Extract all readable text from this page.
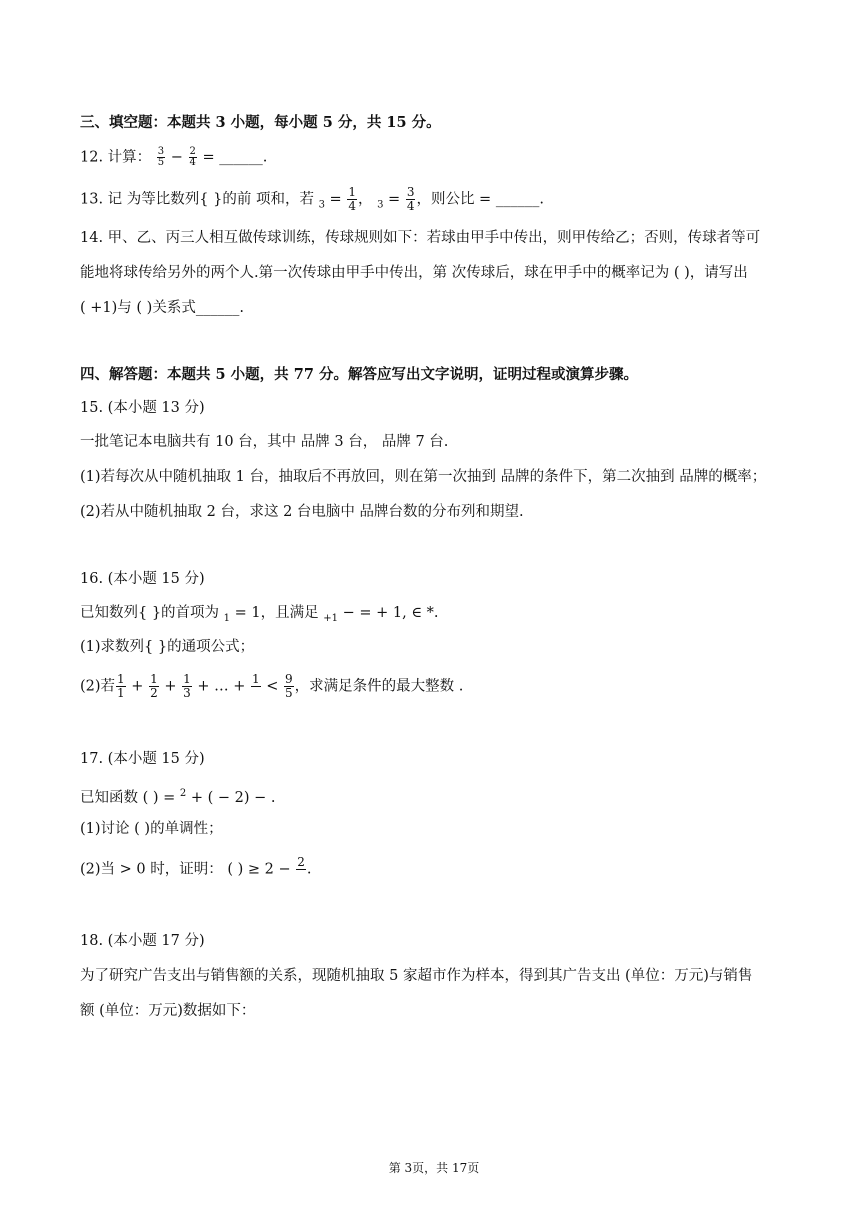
三、填空题：本题共 3 小题，每小题 5 分，共 15 分。
12. 计算： $\frac{3}{5} - \frac{2}{4}$ = ______.
13. 记 为等比数列{ }的前 项和，若 $_3 = \frac{1}{4}$ ， $_3 = \frac{3}{4}$ ，则公比 = ______.
14. 甲、乙、丙三人相互做传球训练，传球规则如下：若球由甲手中传出，则甲传给乙；否则，传球者等可
能地将球传给另外的两个人.第一次传球由甲手中传出，第 次传球后，球在甲手中的概率记为 ( )，请写出
( +1)与 ( )关系式______.
四、解答题：本题共 5 小题，共 77 分。解答应写出文字说明，证明过程或演算步骤。
15. (本小题 13 分)
一批笔记本电脑共有 10 台，其中 品牌 3 台， 品牌 7 台.
(1)若每次从中随机抽取 1 台，抽取后不再放回，则在第一次抽到 品牌的条件下，第二次抽到 品牌的概率；
(2)若从中随机抽取 2 台，求这 2 台电脑中 品牌台数的分布列和期望.
16. (本小题 15 分)
已知数列{ }的首项为 $_1$ = 1，且满足 $_{+1}$ − = + 1, ∈ *.
(1)求数列{ }的通项公式；
(2)若 $\frac{1}{1} + \frac{1}{2} + \frac{1}{3}$ + … + 1
< $\frac{9}{5}$ ，求满足条件的最大整数 .
17. (本小题 15 分)
已知函数 ( ) = $^2$ + ( − 2) − .
(1)讨论 ( )的单调性；
(2)当 > 0 时，证明： ( ) ≥ 2 − 2
.
18. (本小题 17 分)
为了研究广告支出与销售额的关系，现随机抽取 5 家超市作为样本，得到其广告支出 (单位：万元)与销售
额 (单位：万元)数据如下：
第 3页，共 17页
